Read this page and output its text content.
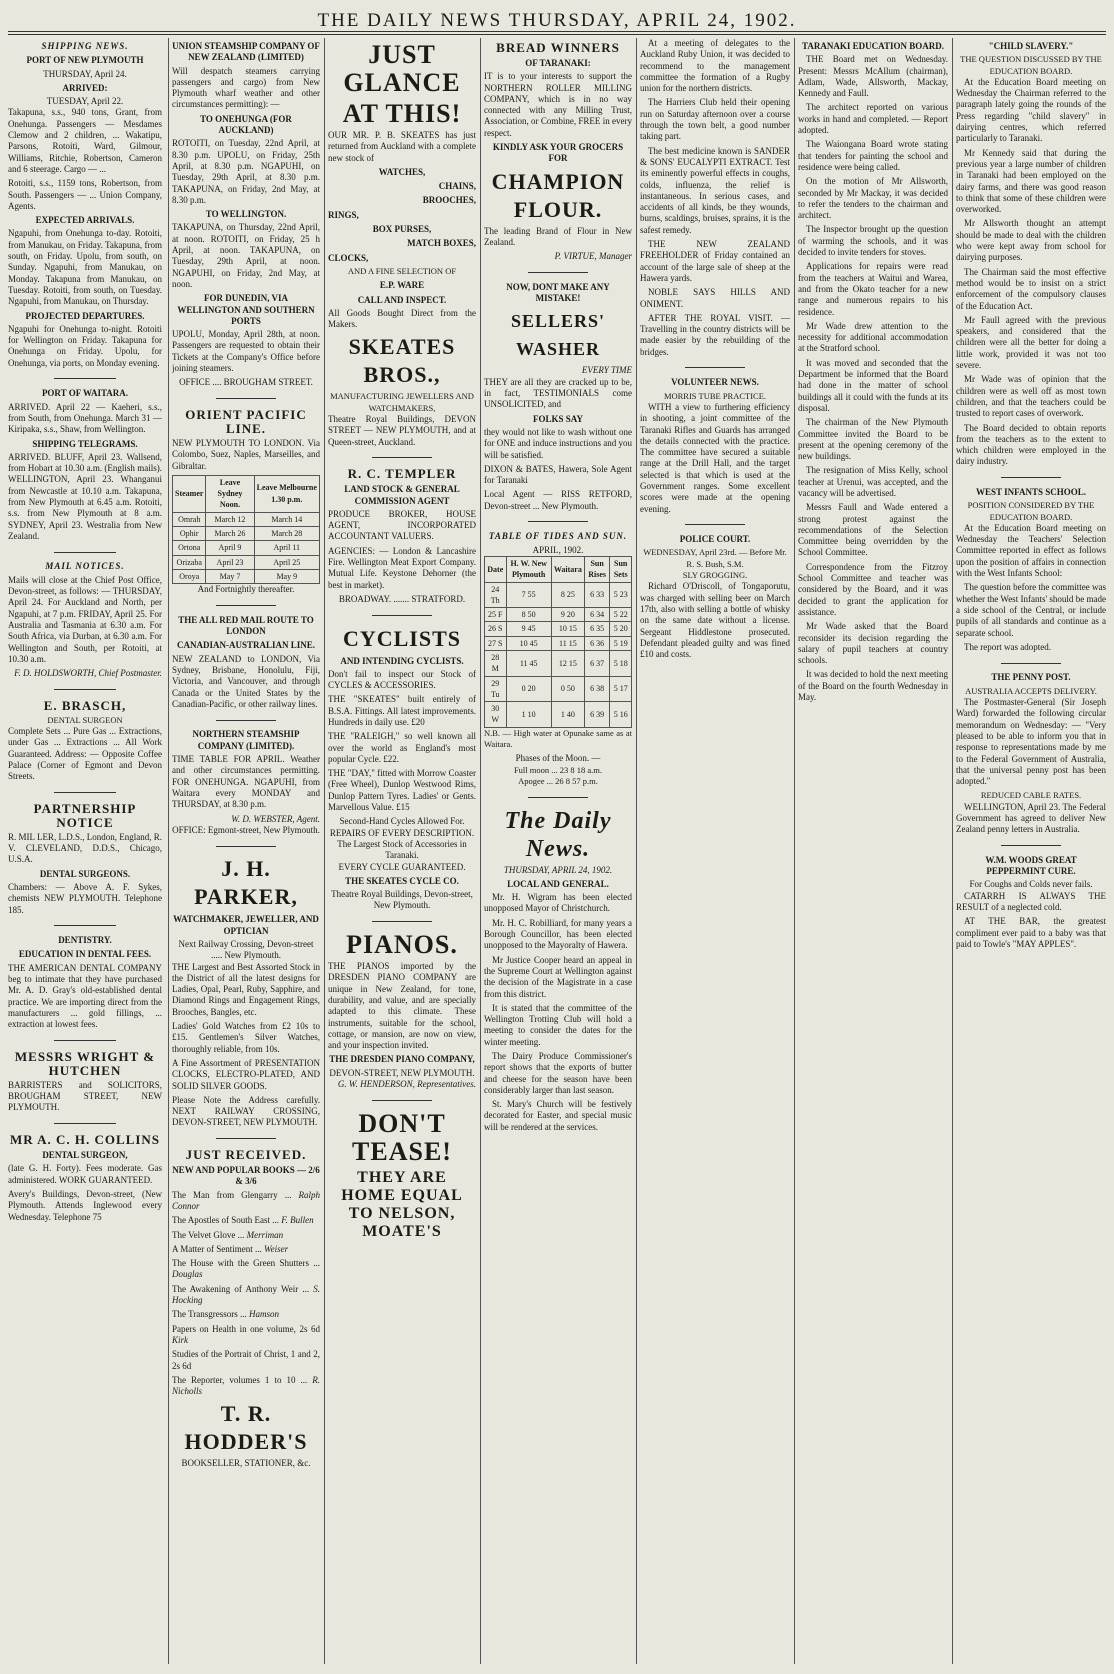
THE DAILY NEWS THURSDAY, APRIL 24, 1902.
SHIPPING NEWS.
PORT OF NEW PLYMOUTH
THURSDAY, April 24.
ARRIVED:
TUESDAY, April 22.
Takapuna, s.s., 940 tons, Grant, from Onehunga. Passengers — Mesdames Clemow and 2 children, ... Wakatipu, Parsons, Rotoiti, Ward, Gilmour, Williams, Ritchie, Robertson, Cameron and 6 steerage. Cargo — ...
Rotoiti, s.s., 1159 tons, Robertson, from South. Passengers — ... Union Company, Agents.
EXPECTED ARRIVALS.
Ngapuhi, from Onehunga to-day. Rotoiti, from Manukau, on Friday. Takapuna, from south, on Friday. Upolu, from south, on Sunday. Ngapuhi, from Manukau, on Monday. Takapuna from Manukau, on Tuesday. Rotoiti, from south, on Tuesday. Ngapuhi, from Manukau, on Thursday.
PROJECTED DEPARTURES.
Ngapuhi for Onehunga to-night. Rotoiti for Wellington on Friday. Takapuna for Onehunga on Friday. Upolu, for Onehunga, via ports, on Monday evening.
PORT OF WAITARA.
ARRIVED. April 22 — Kaeheri, s.s., from South, from Onehunga. March 31 — Kiripaka, s.s., Shaw, from Wellington.
SHIPPING TELEGRAMS.
ARRIVED. BLUFF, April 23. Wallsend, from Hobart at 10.30 a.m. (English mails). WELLINGTON, April 23. Whanganui from Newcastle at 10.10 a.m. Takapuna, from New Plymouth at 6.45 a.m. Rotoiti, s.s. from New Plymouth at 8 a.m. SYDNEY, April 23. Westralia from New Zealand.
MAIL NOTICES.
Mails will close at the Chief Post Office, Devon-street, as follows: — THURSDAY, April 24. For Auckland and North, per Ngapuhi, at 7 p.m. FRIDAY, April 25. For Australia and Tasmania at 6.30 a.m. For South Africa, via Durban, at 6.30 a.m. For Wellington and South, per Rotoiti, at 10.30 a.m.
F. D. HOLDSWORTH, Chief Postmaster.
E. BRASCH,
DENTAL SURGEON
Complete Sets ... Pure Gas ... Extractions, under Gas ... Extractions ... All Work Guaranteed. Address: — Opposite Coffee Palace (Corner of Egmont and Devon Streets.
PARTNERSHIP NOTICE
R. MIL LER, L.D.S., London, England, R. V. CLEVELAND, D.D.S., Chicago, U.S.A.
DENTAL SURGEONS.
Chambers: — Above A. F. Sykes, chemists NEW PLYMOUTH. Telephone 185.
DENTISTRY.
EDUCATION IN DENTAL FEES.
THE AMERICAN DENTAL COMPANY beg to intimate that they have purchased Mr. A. D. Gray's old-established dental practice. We are importing direct from the manufacturers ... gold fillings, ... extraction at lowest fees.
MESSRS WRIGHT & HUTCHEN
BARRISTERS and SOLICITORS, BROUGHAM STREET, NEW PLYMOUTH.
MR A. C. H. COLLINS
DENTAL SURGEON,
(late G. H. Forty). Fees moderate. Gas administered. WORK GUARANTEED.
Avery's Buildings, Devon-street, (New Plymouth. Attends Inglewood every Wednesday. Telephone 75
UNION STEAMSHIP COMPANY OF NEW ZEALAND (LIMITED)
Will despatch steamers carrying passengers and cargo) from New Plymouth wharf weather and other circumstances permitting): —
TO ONEHUNGA (FOR AUCKLAND)
ROTOITI, on Tuesday, 22nd April, at 8.30 p.m. UPOLU, on Friday, 25th April, at 8.30 p.m. NGAPUHI, on Tuesday, 29th April, at 8.30 p.m. TAKAPUNA, on Friday, 2nd May, at 8.30 p.m.
TO WELLINGTON.
TAKAPUNA, on Thursday, 22nd April, at noon. ROTOITI, on Friday, 25 h April, at noon. TAKAPUNA, on Tuesday, 29th April, at noon. NGAPUHI, on Friday, 2nd May, at noon.
FOR DUNEDIN, VIA WELLINGTON AND SOUTHERN PORTS
UPOLU, Monday, April 28th, at noon. Passengers are requested to obtain their Tickets at the Company's Office before joining steamers.
OFFICE .... BROUGHAM STREET.
ORIENT PACIFIC LINE.
NEW PLYMOUTH TO LONDON. Via Colombo, Suez, Naples, Marseilles, and Gibraltar.
Steamer	Leave Sydney Noon.	Leave Melbourne 1.30 p.m.
Omrah	March 12	March 14
Ophir	March 26	March 28
Ortona	April 9	April 11
Orizaba	April 23	April 25
Oroya	May 7	May 9
And Fortnightly thereafter.
THE ALL RED MAIL ROUTE TO LONDON
CANADIAN-AUSTRALIAN LINE.
NEW ZEALAND to LONDON, Via Sydney, Brisbane, Honolulu, Fiji, Victoria, and Vancouver, and through Canada or the United States by the Canadian-Pacific, or other railway lines.
NORTHERN STEAMSHIP COMPANY (LIMITED).
TIME TABLE FOR APRIL. Weather and other circumstances permitting. FOR ONEHUNGA. NGAPUHI, from Waitara every MONDAY and THURSDAY, at 8.30 p.m.
W. D. WEBSTER, Agent.
OFFICE: Egmont-street, New Plymouth.
J. H. PARKER,
WATCHMAKER, JEWELLER, AND OPTICIAN
Next Railway Crossing, Devon-street ..... New Plymouth.
THE Largest and Best Assorted Stock in the District of all the latest designs for Ladies, Opal, Pearl, Ruby, Sapphire, and Diamond Rings and Engagement Rings, Brooches, Bangles, etc.
Ladies' Gold Watches from £2 10s to £15. Gentlemen's Silver Watches, thoroughly reliable, from 10s.
A Fine Assortment of PRESENTATION CLOCKS, ELECTRO-PLATED, AND SOLID SILVER GOODS.
Please Note the Address carefully. NEXT RAILWAY CROSSING, DEVON-STREET, NEW PLYMOUTH.
JUST RECEIVED.
NEW AND POPULAR BOOKS — 2/6 & 3/6
The Man from Glengarry ... Ralph Connor
The Apostles of South East ... F. Bullen
The Velvet Glove ... Merriman
A Matter of Sentiment ... Weiser
The House with the Green Shutters ... Douglas
The Awakening of Anthony Weir ... S. Hocking
The Transgressors ... Hamson
Papers on Health in one volume, 2s 6d Kirk
Studies of the Portrait of Christ, 1 and 2, 2s 6d
The Reporter, volumes 1 to 10 ... R. Nicholls
T. R. HODDER'S
BOOKSELLER, STATIONER, &c.
JUST GLANCE
AT THIS!
OUR MR. P. B. SKEATES has just returned from Auckland with a complete new stock of
WATCHES,
CHAINS,
BROOCHES,
RINGS,
BOX PURSES,
MATCH BOXES,
CLOCKS,
AND A FINE SELECTION OF
E.P. WARE
CALL AND INSPECT.
All Goods Bought Direct from the Makers.
SKEATES BROS.,
MANUFACTURING JEWELLERS AND WATCHMAKERS,
Theatre Royal Buildings, DEVON STREET — NEW PLYMOUTH, and at Queen-street, Auckland.
R. C. TEMPLER
LAND STOCK & GENERAL COMMISSION AGENT
PRODUCE BROKER, HOUSE AGENT, INCORPORATED ACCOUNTANT VALUERS.
AGENCIES: — London & Lancashire Fire. Wellington Meat Export Company. Mutual Life. Keystone Dehorner (the best in market).
BROADWAY. ....... STRATFORD.
CYCLISTS
AND INTENDING CYCLISTS.
Don't fail to inspect our Stock of CYCLES & ACCESSORIES.
THE "SKEATES" built entirely of B.S.A. Fittings. All latest improvements. Hundreds in daily use. £20
THE "RALEIGH," so well known all over the world as England's most popular Cycle. £22.
THE "DAY," fitted with Morrow Coaster (Free Wheel), Dunlop Westwood Rims, Dunlop Pattern Tyres. Ladies' or Gents. Marvellous Value. £15
Second-Hand Cycles Allowed For.
REPAIRS OF EVERY DESCRIPTION.
The Largest Stock of Accessories in Taranaki.
EVERY CYCLE GUARANTEED.
THE SKEATES CYCLE CO.
Theatre Royal Buildings, Devon-street, New Plymouth.
PIANOS.
THE PIANOS imported by the DRESDEN PIANO COMPANY are unique in New Zealand, for tone, durability, and value, and are specially adapted to this climate. These instruments, suitable for the school, cottage, or mansion, are now on view, and your inspection invited.
THE DRESDEN PIANO COMPANY,
DEVON-STREET, NEW PLYMOUTH.
G. W. HENDERSON, Representatives.
DON'T TEASE!
THEY ARE HOME EQUAL TO NELSON, MOATE'S
BREAD WINNERS
OF TARANAKI:
IT is to your interests to support the NORTHERN ROLLER MILLING COMPANY, which is in no way connected with any Milling Trust, Association, or Combine, FREE in every respect.
KINDLY ASK YOUR GROCERS FOR
CHAMPION FLOUR.
The leading Brand of Flour in New Zealand.
P. VIRTUE, Manager
NOW, DONT MAKE ANY MISTAKE!
SELLERS' WASHER
EVERY TIME
THEY are all they are cracked up to be, in fact, TESTIMONIALS come UNSOLICITED, and
FOLKS SAY
they would not like to wash without one for ONE and induce instructions and you will be satisfied.
DIXON & BATES, Hawera, Sole Agent for Taranaki
Local Agent — RISS RETFORD, Devon-street ... New Plymouth.
TABLE OF TIDES AND SUN.
APRIL, 1902.
Date	H. W. New Plymouth	Waitara	Sun Rises	Sun Sets
24 Th	7 55	8 25	6 33	5 23
25 F	8 50	9 20	6 34	5 22
26 S	9 45	10 15	6 35	5 20
27 S	10 45	11 15	6 36	5 19
28 M	11 45	12 15	6 37	5 18
29 Tu	0 20	0 50	6 38	5 17
30 W	1 10	1 40	6 39	5 16
N.B. — High water at Opunake same as at Waitara.
Phases of the Moon. —
Full moon ... 23 8 18 a.m.
Apogee ... 26 8 57 p.m.
The Daily News.
THURSDAY, APRIL 24, 1902.
LOCAL AND GENERAL.

Mr. H. Wigram has been elected unopposed Mayor of Christchurch.

Mr. H. C. Robilliard, for many years a Borough Councillor, has been elected unopposed to the Mayoralty of Hawera.

Mr Justice Cooper heard an appeal in the Supreme Court at Wellington against the decision of the Magistrate in a case from this district.

It is stated that the committee of the Wellington Trotting Club will hold a meeting to consider the dates for the winter meeting.

The Dairy Produce Commissioner's report shows that the exports of butter and cheese for the season have been considerably larger than last season.

St. Mary's Church will be festively decorated for Easter, and special music will be rendered at the services.

At a meeting of delegates to the Auckland Ruby Union, it was decided to recommend to the management committee the formation of a Rugby union for the northern districts.

The Harriers Club held their opening run on Saturday afternoon over a course through the town belt, a good number taking part.

The best medicine known is SANDER & SONS' EUCALYPTI EXTRACT. Test its eminently powerful effects in coughs, colds, influenza, the relief is instantaneous. In serious cases, and accidents of all kinds, be they wounds, burns, scaldings, bruises, sprains, it is the safest remedy.

THE NEW ZEALAND FREEHOLDER of Friday contained an account of the large sale of sheep at the Hawera yards.

NOBLE SAYS HILLS AND ONIMENT.

AFTER THE ROYAL VISIT. — Travelling in the country districts will be made easier by the rebuilding of the bridges.

VOLUNTEER NEWS.
MORRIS TUBE PRACTICE.

WITH a view to furthering efficiency in shooting, a joint committee of the Taranaki Rifles and Guards has arranged the details connected with the practice. The committee have secured a suitable range at the Drill Hall, and the target selected is that which is used at the Government ranges. Some excellent scores were made at the opening evening.

POLICE COURT.
WEDNESDAY, April 23rd. — Before Mr. R. S. Bush, S.M.
SLY GROGGING.

Richard O'Driscoll, of Tongaporutu, was charged with selling beer on March 17th, also with selling a bottle of whisky on the same date without a license. Sergeant Hiddlestone prosecuted. Defendant pleaded guilty and was fined £10 and costs.

TARANAKI EDUCATION BOARD.

THE Board met on Wednesday. Present: Messrs McAllum (chairman), Adlam, Wade, Allsworth, Mackay, Kennedy and Faull.

The architect reported on various works in hand and completed. — Report adopted.

The Waiongana Board wrote stating that tenders for painting the school and residence were being called.

On the motion of Mr Allsworth, seconded by Mr Mackay, it was decided to refer the tenders to the chairman and architect.

The Inspector brought up the question of warming the schools, and it was decided to invite tenders for stoves.

Applications for repairs were read from the teachers at Waitui and Warea, and from the Okato teacher for a new range and numerous repairs to his residence.

Mr Wade drew attention to the necessity for additional accommodation at the Stratford school.

It was moved and seconded that the Department be informed that the Board had done in the matter of school buildings all it could with the funds at its disposal.

The chairman of the New Plymouth Committee invited the Board to be present at the opening ceremony of the new buildings.

The resignation of Miss Kelly, school teacher at Urenui, was accepted, and the vacancy will be advertised.

Messrs Faull and Wade entered a strong protest against the recommendations of the Selection Committee being overridden by the School Committee.

Correspondence from the Fitzroy School Committee and teacher was considered by the Board, and it was decided to grant the application for assistance.

Mr Wade asked that the Board reconsider its decision regarding the salary of pupil teachers at country schools.

It was decided to hold the next meeting of the Board on the fourth Wednesday in May.

"CHILD SLAVERY."
THE QUESTION DISCUSSED BY THE EDUCATION BOARD.

At the Education Board meeting on Wednesday the Chairman referred to the paragraph lately going the rounds of the Press regarding "child slavery" in dairying centres, which referred particularly to Taranaki.

Mr Kennedy said that during the previous year a large number of children in Taranaki had been employed on the dairy farms, and there was good reason to think that some of these children were overworked.

Mr Allsworth thought an attempt should be made to deal with the children who were kept away from school for dairying purposes.

The Chairman said the most effective method would be to insist on a strict enforcement of the compulsory clauses of the Education Act.

Mr Faull agreed with the previous speakers, and considered that the children were all the better for doing a little work, provided it was not too severe.

Mr Wade was of opinion that the children were as well off as most town children, and that the teachers could be trusted to report cases of overwork.

The Board decided to obtain reports from the teachers as to the extent to which children were employed in the dairy industry.

WEST INFANTS SCHOOL.
POSITION CONSIDERED BY THE EDUCATION BOARD.

At the Education Board meeting on Wednesday the Teachers' Selection Committee reported in effect as follows upon the position of affairs in connection with the West Infants School:

The question before the committee was whether the West Infants' should be made a side school of the Central, or include pupils of all standards and continue as a separate school.

The report was adopted.

THE PENNY POST.
AUSTRALIA ACCEPTS DELIVERY.

The Postmaster-General (Sir Joseph Ward) forwarded the following circular memorandum on Wednesday: — "Very pleased to be able to inform you that in response to representations made by me to the Federal Government of Australia, that the universal penny post has been adopted."

REDUCED CABLE RATES.

WELLINGTON, April 23. The Federal Government has agreed to deliver New Zealand penny letters in Australia.

W.M. WOODS GREAT PEPPERMINT CURE.
For Coughs and Colds never fails.

CATARRH IS ALWAYS THE RESULT of a neglected cold.

AT THE BAR, the greatest compliment ever paid to a baby was that paid to Towle's "MAY APPLES".
